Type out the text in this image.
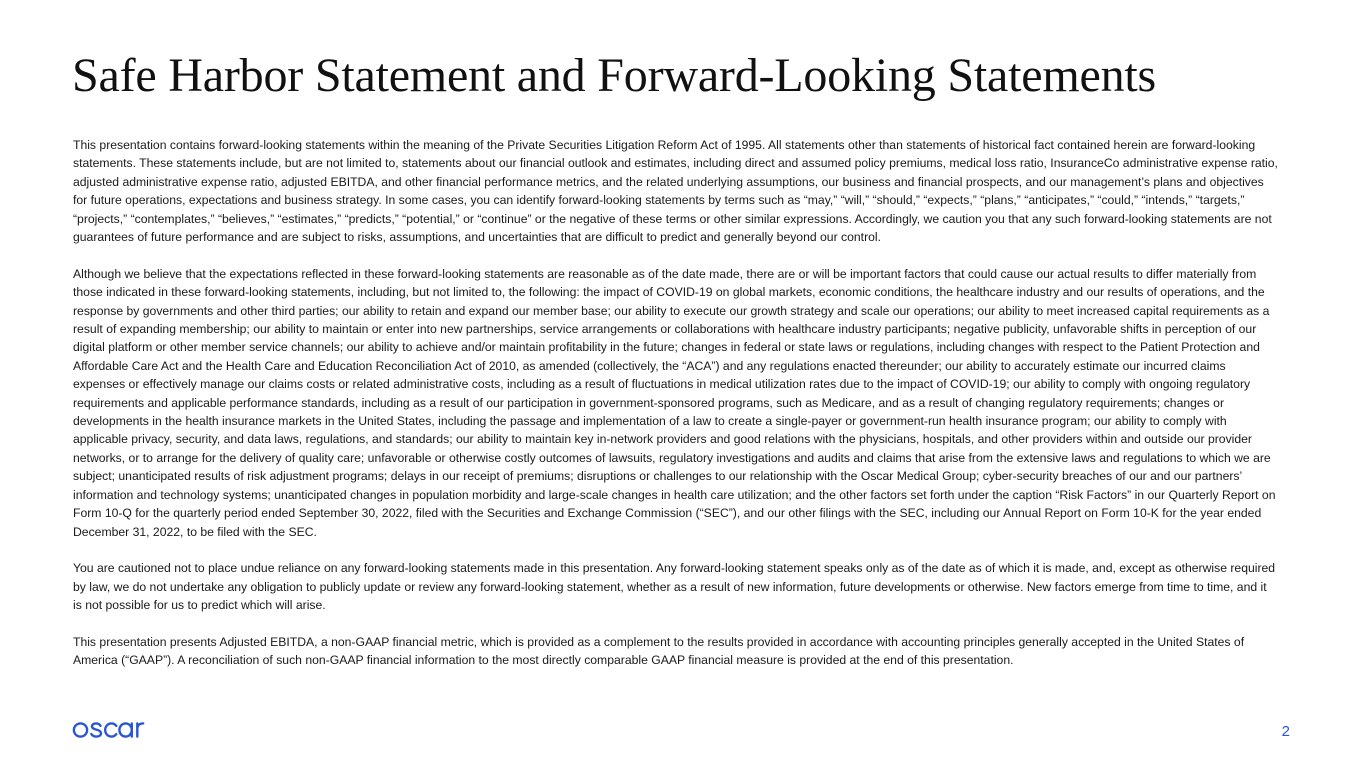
Safe Harbor Statement and Forward-Looking Statements

This presentation contains forward-looking statements within the meaning of the Private Securities Litigation Reform Act of 1995. All statements other than statements of historical fact contained herein are forward-looking statements. These statements include, but are not limited to, statements about our financial outlook and estimates, including direct and assumed policy premiums, medical loss ratio, InsuranceCo administrative expense ratio, adjusted administrative expense ratio, adjusted EBITDA, and other financial performance metrics, and the related underlying assumptions, our business and financial prospects, and our management’s plans and objectives for future operations, expectations and business strategy. In some cases, you can identify forward-looking statements by terms such as “may,” “will,” “should,” “expects,” “plans,” “anticipates,” “could,” “intends,” “targets,” “projects,” “contemplates,” “believes,” “estimates,” “predicts,” “potential,” or “continue” or the negative of these terms or other similar expressions. Accordingly, we caution you that any such forward-looking statements are not guarantees of future performance and are subject to risks, assumptions, and uncertainties that are difficult to predict and generally beyond our control.

Although we believe that the expectations reflected in these forward-looking statements are reasonable as of the date made, there are or will be important factors that could cause our actual results to differ materially from those indicated in these forward-looking statements, including, but not limited to, the following: the impact of COVID-19 on global markets, economic conditions, the healthcare industry and our results of operations, and the response by governments and other third parties; our ability to retain and expand our member base; our ability to execute our growth strategy and scale our operations; our ability to meet increased capital requirements as a result of expanding membership; our ability to maintain or enter into new partnerships, service arrangements or collaborations with healthcare industry participants; negative publicity, unfavorable shifts in perception of our digital platform or other member service channels; our ability to achieve and/or maintain profitability in the future; changes in federal or state laws or regulations, including changes with respect to the Patient Protection and Affordable Care Act and the Health Care and Education Reconciliation Act of 2010, as amended (collectively, the “ACA”) and any regulations enacted thereunder; our ability to accurately estimate our incurred claims expenses or effectively manage our claims costs or related administrative costs, including as a result of fluctuations in medical utilization rates due to the impact of COVID-19; our ability to comply with ongoing regulatory requirements and applicable performance standards, including as a result of our participation in government-sponsored programs, such as Medicare, and as a result of changing regulatory requirements; changes or developments in the health insurance markets in the United States, including the passage and implementation of a law to create a single-payer or government-run health insurance program; our ability to comply with applicable privacy, security, and data laws, regulations, and standards; our ability to maintain key in-network providers and good relations with the physicians, hospitals, and other providers within and outside our provider networks, or to arrange for the delivery of quality care; unfavorable or otherwise costly outcomes of lawsuits, regulatory investigations and audits and claims that arise from the extensive laws and regulations to which we are subject; unanticipated results of risk adjustment programs; delays in our receipt of premiums; disruptions or challenges to our relationship with the Oscar Medical Group; cyber-security breaches of our and our partners’ information and technology systems; unanticipated changes in population morbidity and large-scale changes in health care utilization; and the other factors set forth under the caption “Risk Factors” in our Quarterly Report on Form 10-Q for the quarterly period ended September 30, 2022, filed with the Securities and Exchange Commission (“SEC”), and our other filings with the SEC, including our Annual Report on Form 10-K for the year ended December 31, 2022, to be filed with the SEC.

You are cautioned not to place undue reliance on any forward-looking statements made in this presentation. Any forward-looking statement speaks only as of the date as of which it is made, and, except as otherwise required by law, we do not undertake any obligation to publicly update or review any forward-looking statement, whether as a result of new information, future developments or otherwise. New factors emerge from time to time, and it is not possible for us to predict which will arise.

This presentation presents Adjusted EBITDA, a non-GAAP financial metric, which is provided as a complement to the results provided in accordance with accounting principles generally accepted in the United States of America (“GAAP”). A reconciliation of such non-GAAP financial information to the most directly comparable GAAP financial measure is provided at the end of this presentation.

2
